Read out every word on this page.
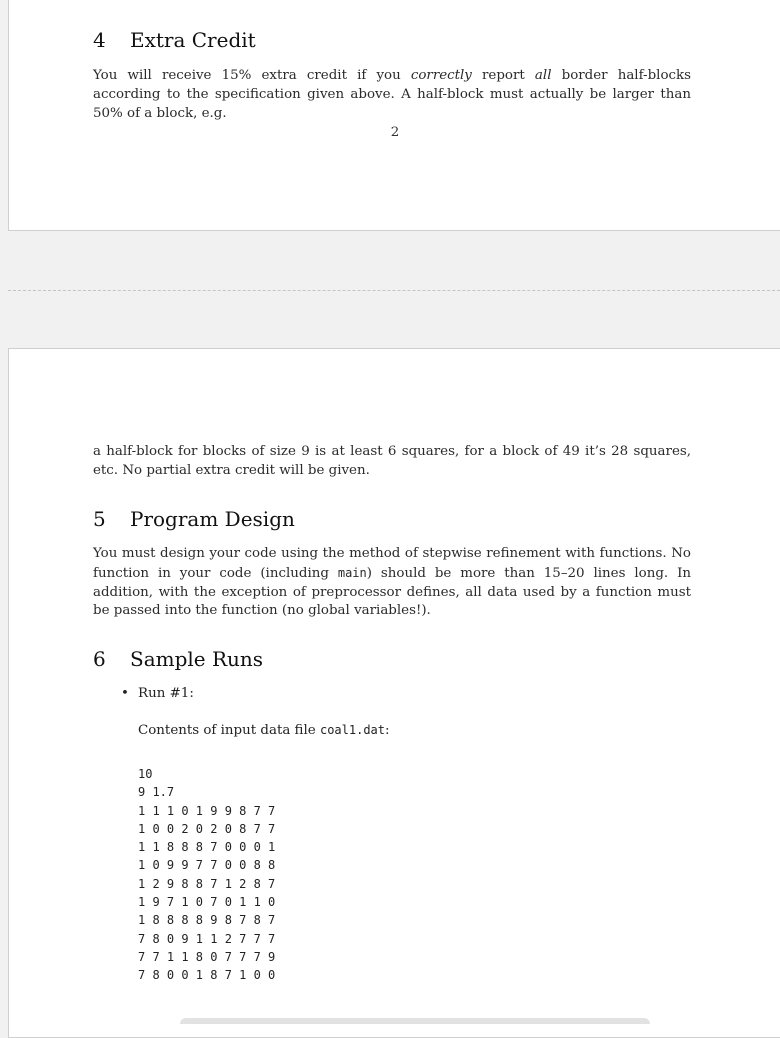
2
4 Extra Credit

You will receive 15% extra credit if you correctly report all border half-blocks according to the specification given above. A half-block must actually be larger than 50% of a block, e.g.

a half-block for blocks of size 9 is at least 6 squares, for a block of 49 it’s 28 squares, etc. No partial extra credit will be given.

5 Program Design

You must design your code using the method of stepwise refinement with functions. No function in your code (including main) should be more than 15–20 lines long. In addition, with the exception of preprocessor defines, all data used by a function must be passed into the function (no global variables!).

6 Sample Runs
• Run #1:
Contents of input data file coal1.dat:
10
9 1.7
1 1 1 0 1 9 9 8 7 7
1 0 0 2 0 2 0 8 7 7
1 1 8 8 8 7 0 0 0 1
1 0 9 9 7 7 0 0 8 8
1 2 9 8 8 7 1 2 8 7
1 9 7 1 0 7 0 1 1 0
1 8 8 8 8 9 8 7 8 7
7 8 0 9 1 1 2 7 7 7
7 7 1 1 8 0 7 7 7 9
7 8 0 0 1 8 7 1 0 0
